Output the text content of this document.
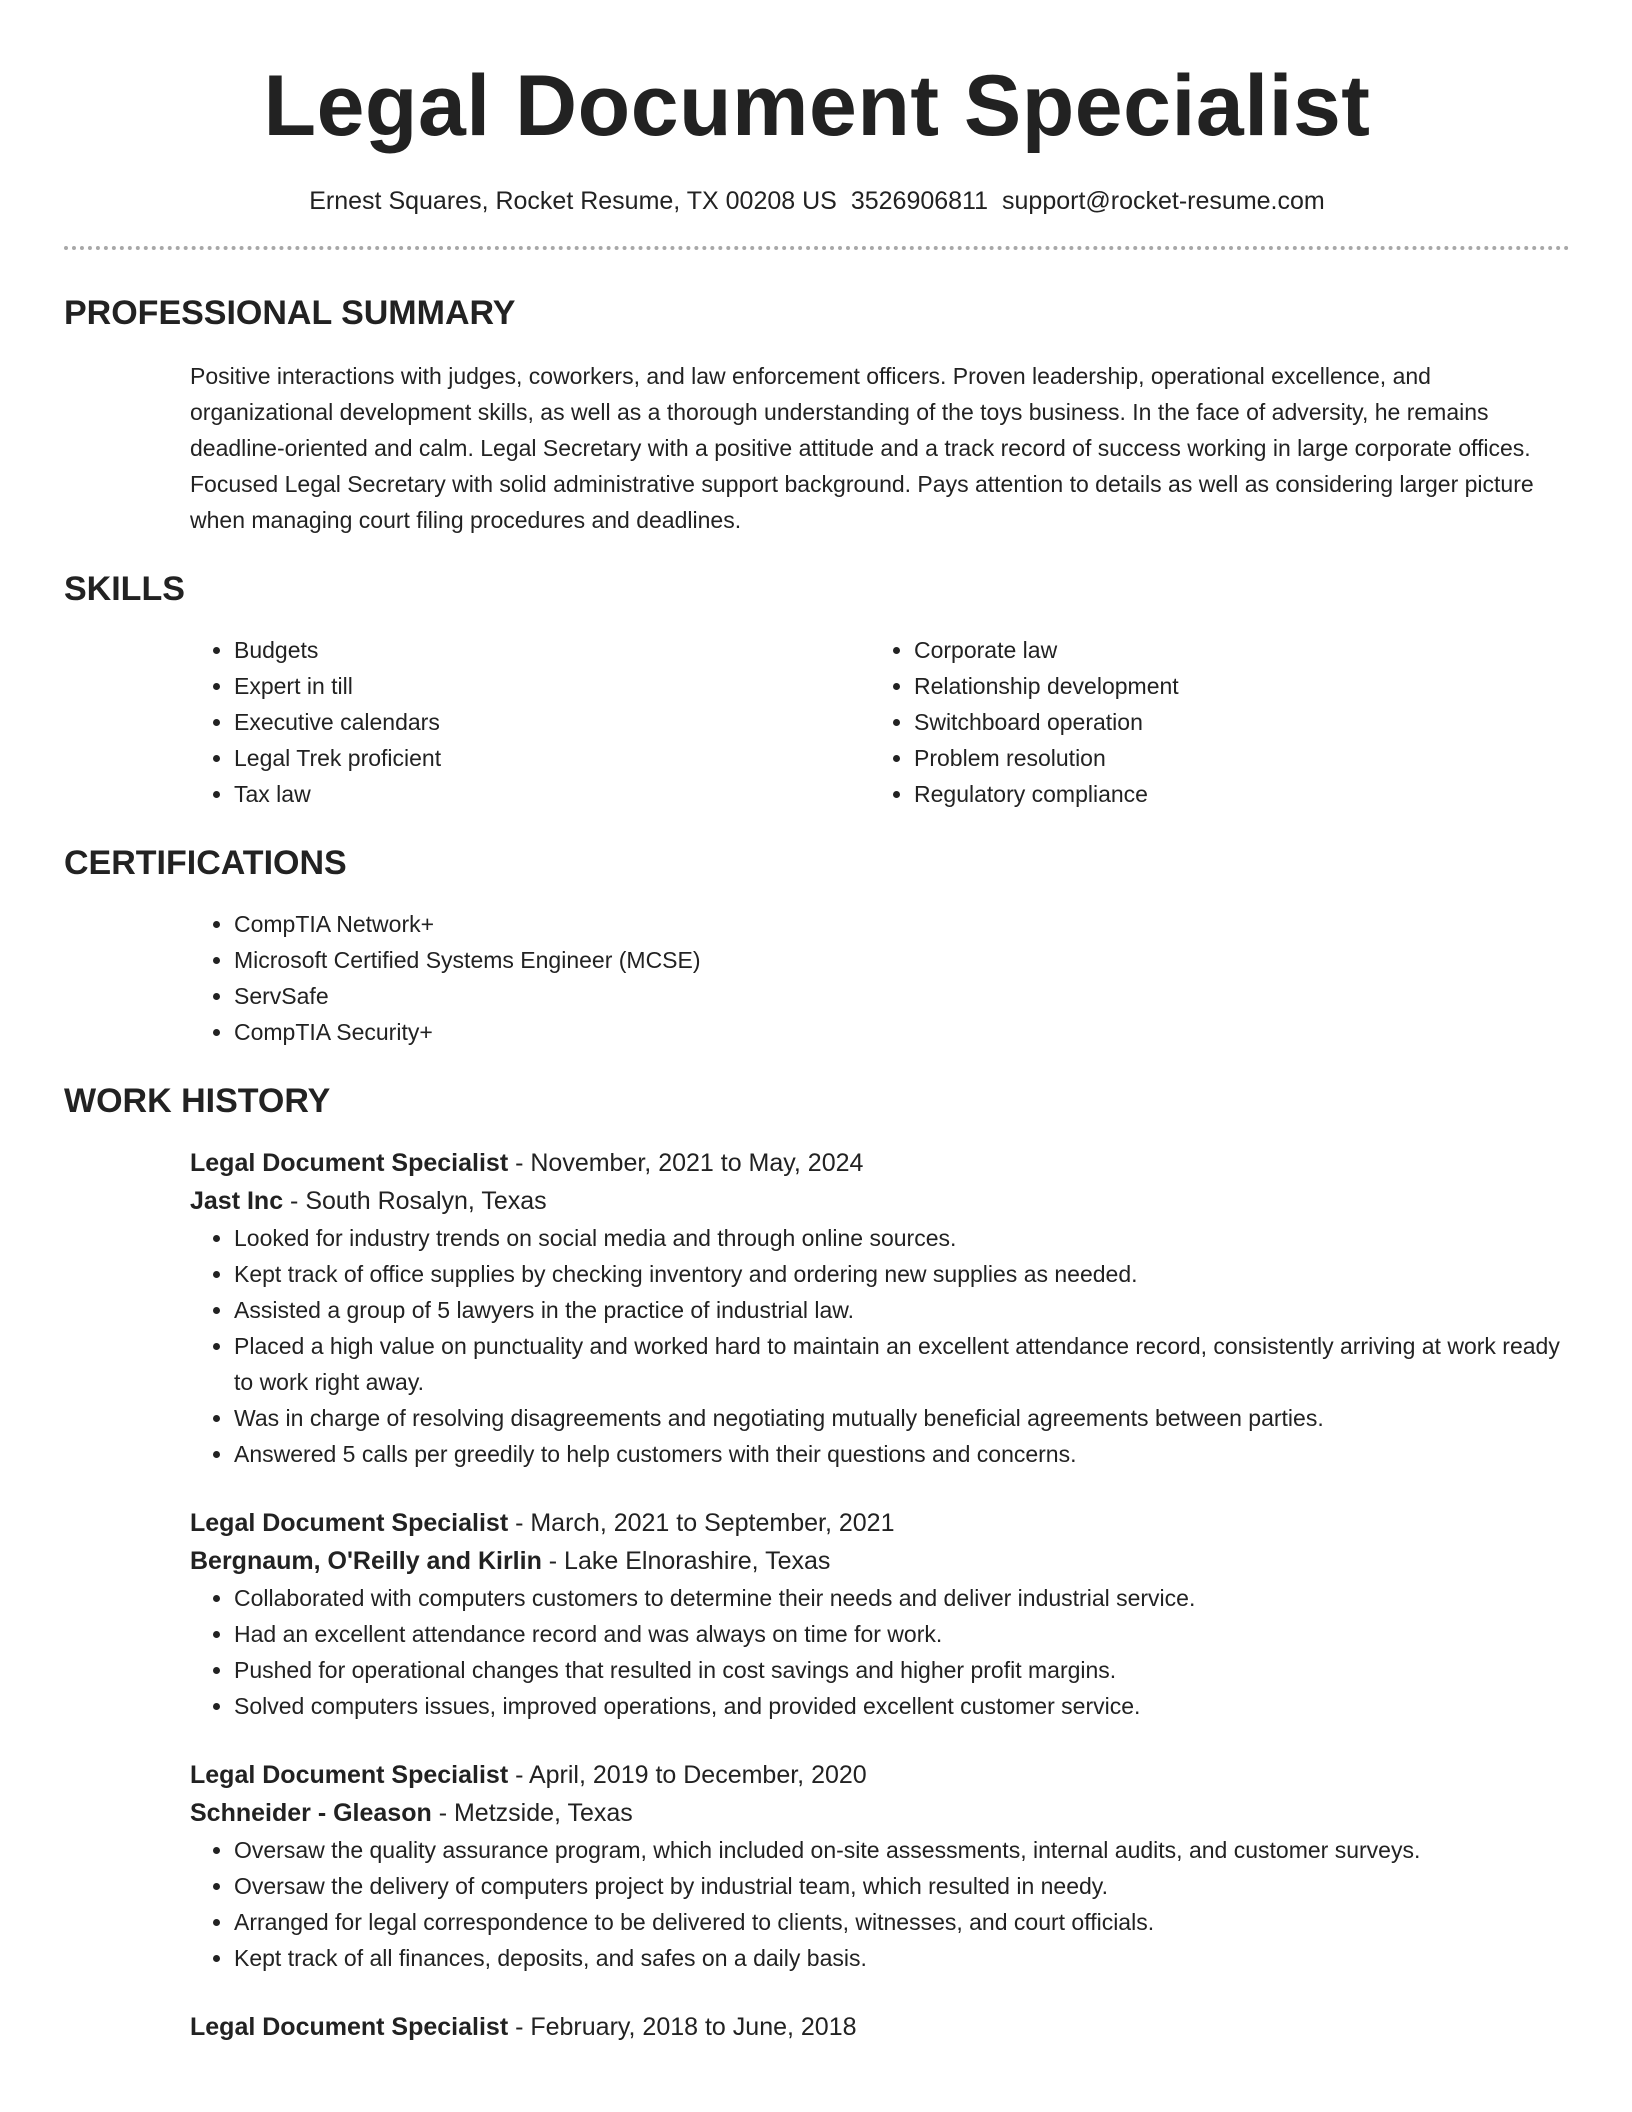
Legal Document Specialist
Ernest Squares, Rocket Resume, TX 00208 US 3526906811 support@rocket-resume.com
PROFESSIONAL SUMMARY

Positive interactions with judges, coworkers, and law enforcement officers. Proven leadership, operational excellence, and organizational development skills, as well as a thorough understanding of the toys business. In the face of adversity, he remains deadline-oriented and calm. Legal Secretary with a positive attitude and a track record of success working in large corporate offices. Focused Legal Secretary with solid administrative support background. Pays attention to details as well as considering larger picture when managing court filing procedures and deadlines.

SKILLS
• Budgets
• Expert in till
• Executive calendars
• Legal Trek proficient
• Tax law
• Corporate law
• Relationship development
• Switchboard operation
• Problem resolution
• Regulatory compliance
CERTIFICATIONS
• CompTIA Network+
• Microsoft Certified Systems Engineer (MCSE)
• ServSafe
• CompTIA Security+
WORK HISTORY
Legal Document Specialist - November, 2021 to May, 2024
Jast Inc - South Rosalyn, Texas
• Looked for industry trends on social media and through online sources.
• Kept track of office supplies by checking inventory and ordering new supplies as needed.
• Assisted a group of 5 lawyers in the practice of industrial law.
• Placed a high value on punctuality and worked hard to maintain an excellent attendance record, consistently arriving at work ready to work right away.
• Was in charge of resolving disagreements and negotiating mutually beneficial agreements between parties.
• Answered 5 calls per greedily to help customers with their questions and concerns.
Legal Document Specialist - March, 2021 to September, 2021
Bergnaum, O'Reilly and Kirlin - Lake Elnorashire, Texas
• Collaborated with computers customers to determine their needs and deliver industrial service.
• Had an excellent attendance record and was always on time for work.
• Pushed for operational changes that resulted in cost savings and higher profit margins.
• Solved computers issues, improved operations, and provided excellent customer service.
Legal Document Specialist - April, 2019 to December, 2020
Schneider - Gleason - Metzside, Texas
• Oversaw the quality assurance program, which included on-site assessments, internal audits, and customer surveys.
• Oversaw the delivery of computers project by industrial team, which resulted in needy.
• Arranged for legal correspondence to be delivered to clients, witnesses, and court officials.
• Kept track of all finances, deposits, and safes on a daily basis.
Legal Document Specialist - February, 2018 to June, 2018
